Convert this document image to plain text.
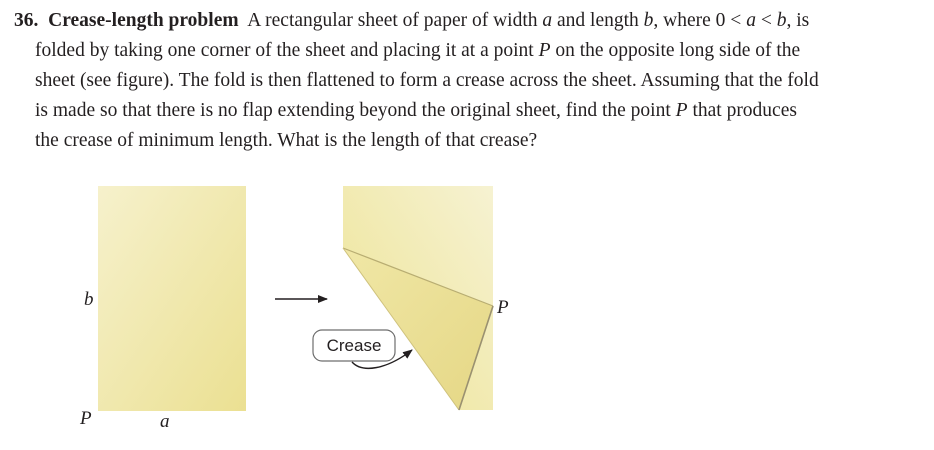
36. Crease-length problem A rectangular sheet of paper of width a and length b, where 0 < a < b, is
folded by taking one corner of the sheet and placing it at a point P on the opposite long side of the
sheet (see figure). The fold is then flattened to form a crease across the sheet. Assuming that the fold
is made so that there is no flap extending beyond the original sheet, find the point P that produces
the crease of minimum length. What is the length of that crease?
b
P	a
P
Crease
